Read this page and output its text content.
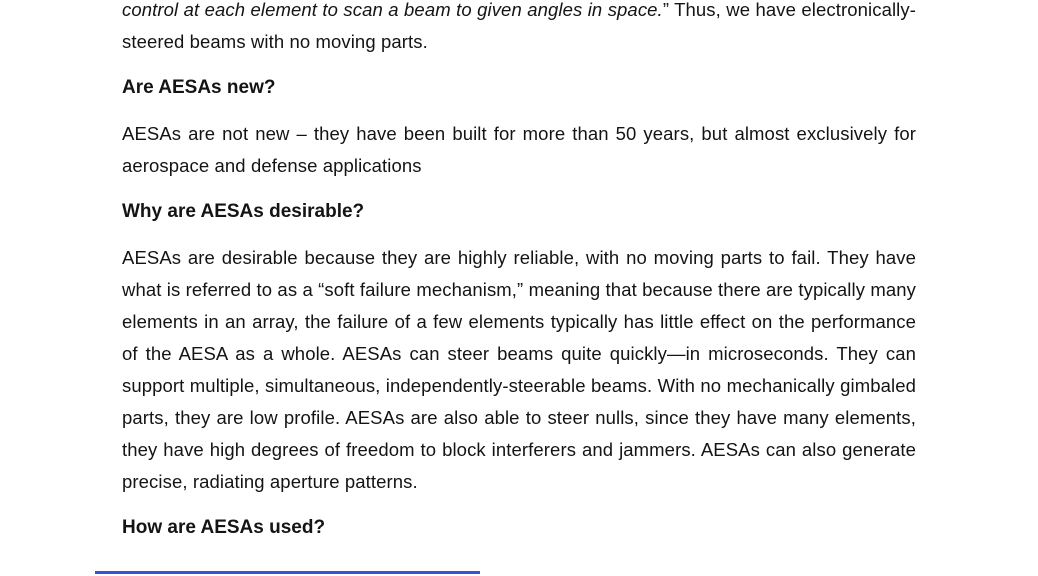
control at each element to scan a beam to given angles in space.” Thus, we have electronically-steered beams with no moving parts.

Are AESAs new?

AESAs are not new – they have been built for more than 50 years, but almost exclusively for aerospace and defense applications

Why are AESAs desirable?

AESAs are desirable because they are highly reliable, with no moving parts to fail. They have what is referred to as a “soft failure mechanism,” meaning that because there are typically many elements in an array, the failure of a few elements typically has little effect on the performance of the AESA as a whole. AESAs can steer beams quite quickly—in microseconds. They can support multiple, simultaneous, independently-steerable beams. With no mechanically gimbaled parts, they are low profile. AESAs are also able to steer nulls, since they have many elements, they have high degrees of freedom to block interferers and jammers. AESAs can also generate precise, radiating aperture patterns.

How are AESAs used?
